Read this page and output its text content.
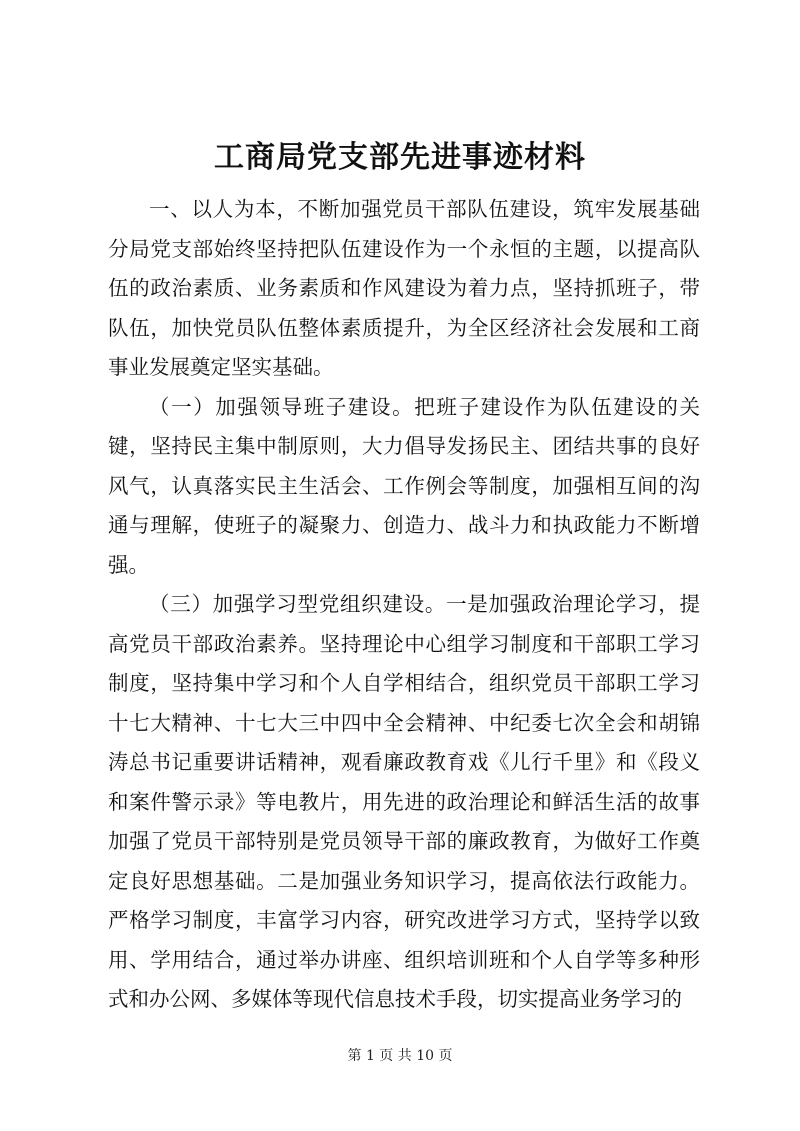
工商局党支部先进事迹材料

一、以人为本，不断加强党员干部队伍建设，筑牢发展基础分局党支部始终坚持把队伍建设作为一个永恒的主题，以提高队伍的政治素质、业务素质和作风建设为着力点，坚持抓班子，带队伍，加快党员队伍整体素质提升，为全区经济社会发展和工商事业发展奠定坚实基础。

（一）加强领导班子建设。把班子建设作为队伍建设的关键，坚持民主集中制原则，大力倡导发扬民主、团结共事的良好风气，认真落实民主生活会、工作例会等制度，加强相互间的沟通与理解，使班子的凝聚力、创造力、战斗力和执政能力不断增强。

（三）加强学习型党组织建设。一是加强政治理论学习，提高党员干部政治素养。坚持理论中心组学习制度和干部职工学习制度，坚持集中学习和个人自学相结合，组织党员干部职工学习十七大精神、十七大三中四中全会精神、中纪委七次全会和胡锦涛总书记重要讲话精神，观看廉政教育戏《儿行千里》和《段义和案件警示录》等电教片，用先进的政治理论和鲜活生活的故事加强了党员干部特别是党员领导干部的廉政教育，为做好工作奠定良好思想基础。二是加强业务知识学习，提高依法行政能力。严格学习制度，丰富学习内容，研究改进学习方式，坚持学以致用、学用结合，通过举办讲座、组织培训班和个人自学等多种形式和办公网、多媒体等现代信息技术手段，切实提高业务学习的

第 1 页 共 10 页
